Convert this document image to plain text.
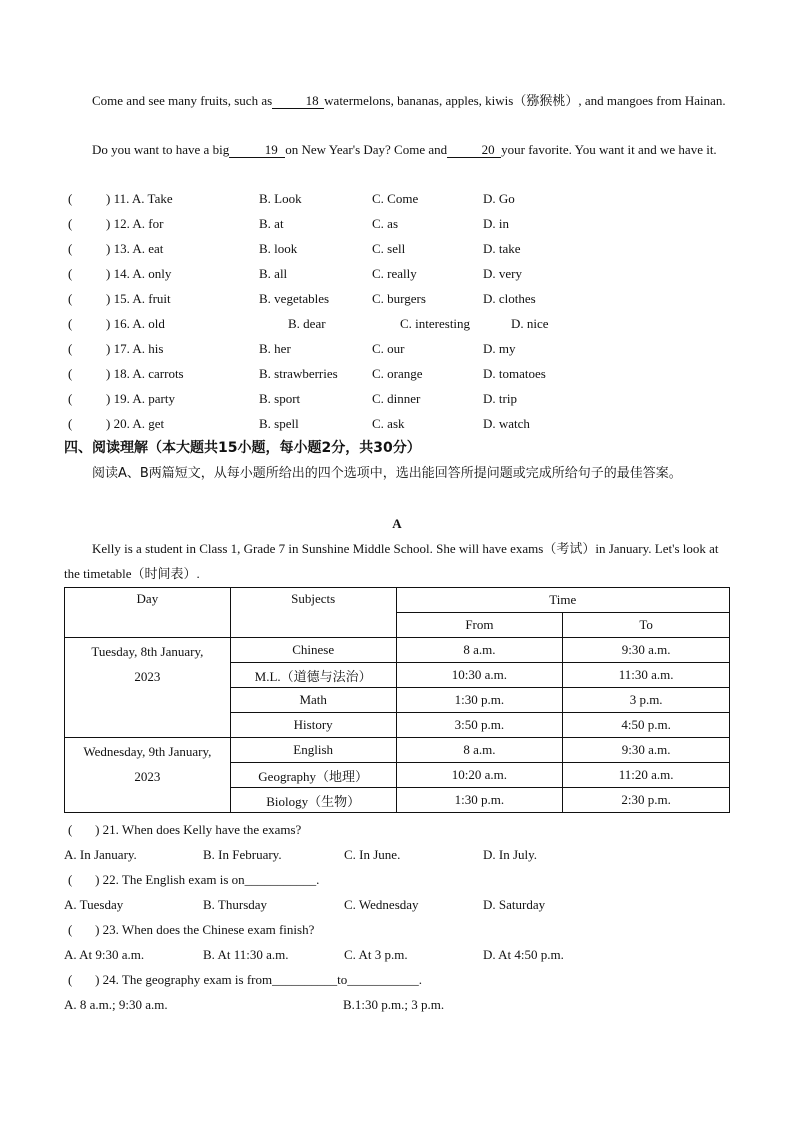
Come and see many fruits, such as	18 watermelons, bananas, apples, kiwis（猕猴桃）, and mangoes from Hainan.
Do you want to have a big	19 on New Year's Day? Come and	20 your favorite. You want it and we have it.
(	) 11. A. Take	B. Look	C. Come	D. Go
(	) 12. A. for	B. at	C. as	D. in
(	) 13. A. eat	B. look	C. sell	D. take
(	) 14. A. only	B. all	C. really	D. very
(	) 15. A. fruit	B. vegetables	C. burgers	D. clothes
(	) 16. A. old	B. dear	C. interesting	D. nice
(	) 17. A. his	B. her	C. our	D. my
(	) 18. A. carrots	B. strawberries	C. orange	D. tomatoes
(	) 19. A. party	B. sport	C. dinner	D. trip
(	) 20. A. get	B. spell	C. ask	D. watch
四、阅读理解（本大题共15小题，每小题2分，共30分）
阅读A、B两篇短文，从每小题所给出的四个选项中，选出能回答所提问题或完成所给句子的最佳答案。
A
Kelly is a student in Class 1, Grade 7 in Sunshine Middle School. She will have exams（考试）in January. Let's look at the timetable（时间表）.
Day	Subjects	Time	
		From	To

Tuesday, 8th January,
2023	Chinese	8 a.m.	9:30 a.m.
	M.L.（道德与法治）	10:30 a.m.	11:30 a.m.
	Math	1:30 p.m.	3 p.m.
	History	3:50 p.m.	4:50 p.m.

Wednesday, 9th January,
2023	English	8 a.m.	9:30 a.m.
	Geography（地理）	10:20 a.m.	11:20 a.m.
	Biology（生物）	1:30 p.m.	2:30 p.m.
(       ) 21. When does Kelly have the exams?
A. In January.	B. In February.	C. In June.	D. In July.
(       ) 22. The English exam is on___________.
A. Tuesday	B. Thursday	C. Wednesday	D. Saturday
(       ) 23. When does the Chinese exam finish?
A. At 9:30 a.m.	B. At 11:30 a.m.	C. At 3 p.m.	D. At 4:50 p.m.
(       ) 24. The geography exam is from__________to___________.
A. 8 a.m.; 9:30 a.m.	B.1:30 p.m.; 3 p.m.
